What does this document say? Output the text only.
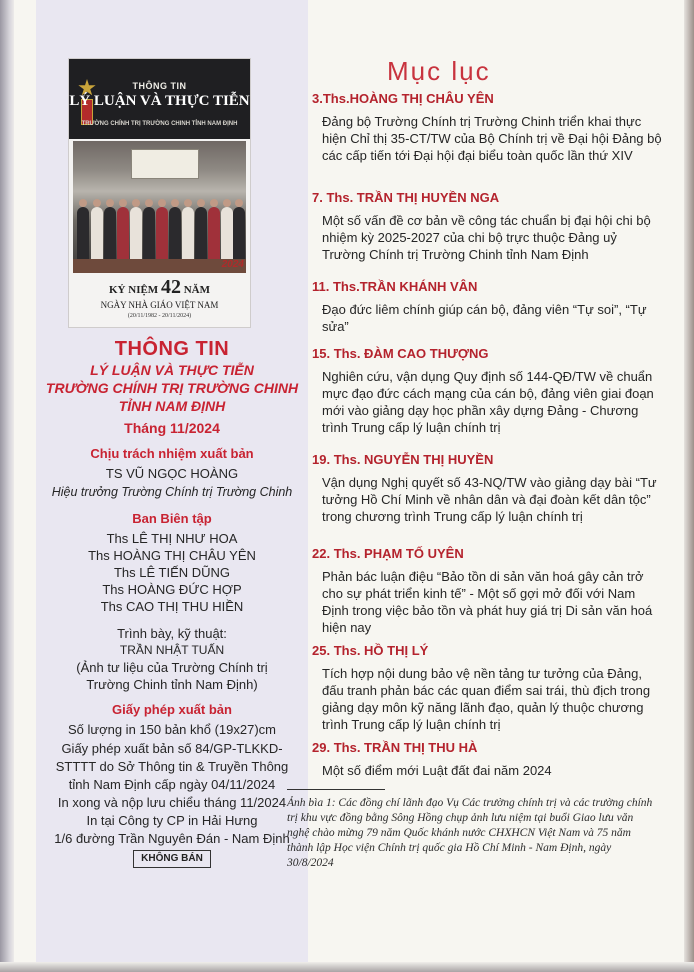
THÔNG TIN
LÝ LUẬN VÀ THỰC TIỄN
TRƯỜNG CHÍNH TRỊ TRƯỜNG CHINH TỈNH NAM ĐỊNH
2024
KỶ NIỆM 42 NĂM
NGÀY NHÀ GIÁO VIỆT NAM
(20/11/1982 - 20/11/2024)
THÔNG TIN
LÝ LUẬN VÀ THỰC TIỄN
TRƯỜNG CHÍNH TRỊ TRƯỜNG CHINH
TỈNH NAM ĐỊNH
Tháng 11/2024
Chịu trách nhiệm xuất bản
TS VŨ NGỌC HOÀNG
Hiệu trưởng Trường Chính trị Trường Chinh
Ban Biên tập
Ths LÊ THỊ NHƯ HOA
Ths HOÀNG THỊ CHÂU YÊN
Ths LÊ TIẾN DŨNG
Ths HOÀNG ĐỨC HỢP
Ths CAO THỊ THU HIỀN
Trình bày, kỹ thuật:
TRẦN NHẬT TUẤN
(Ảnh tư liệu của Trường Chính trị
Trường Chinh tỉnh Nam Định)
Giấy phép xuất bản
Số lượng in 150 bản khổ (19x27)cm
Giấy phép xuất bản số 84/GP-TLKKD-
STTTT do Sở Thông tin & Truyền Thông
tỉnh Nam Định cấp ngày 04/11/2024
In xong và nộp lưu chiểu tháng 11/2024
In tại Công ty CP in Hải Hưng
1/6 đường Trần Nguyên Đán - Nam Định
KHÔNG BÁN
Mục lục
3.Ths.HOÀNG THỊ CHÂU YÊN
Đảng bộ Trường Chính trị Trường Chinh triển khai thực hiện Chỉ thị 35-CT/TW của Bộ Chính trị về Đại hội Đảng bộ các cấp tiến tới Đại hội đại biểu toàn quốc lần thứ XIV
7. Ths. TRẦN THỊ HUYỀN NGA
Một số vấn đề cơ bản về công tác chuẩn bị đại hội chi bộ nhiệm kỳ 2025-2027 của chi bộ trực thuộc Đảng uỷ Trường Chính trị Trường Chinh tỉnh Nam Định
11. Ths.TRẦN KHÁNH VÂN
Đạo đức liêm chính giúp cán bộ, đảng viên “Tự soi”, “Tự sửa”
15. Ths. ĐÀM CAO THƯỢNG
Nghiên cứu, vận dụng Quy định số 144-QĐ/TW về chuẩn mực đạo đức cách mạng của cán bộ, đảng viên giai đoạn mới vào giảng dạy học phần xây dựng Đảng - Chương trình Trung cấp lý luận chính trị
19. Ths. NGUYỄN THỊ HUYỀN
Vận dụng Nghị quyết số 43-NQ/TW vào giảng dạy bài “Tư tưởng Hồ Chí Minh về nhân dân và đại đoàn kết dân tộc” trong chương trình Trung cấp lý luận chính trị
22. Ths. PHẠM TỐ UYÊN
Phản bác luận điệu “Bảo tồn di sản văn hoá gây cản trở cho sự phát triển kinh tế” - Một số gợi mở đối với Nam Định trong việc bảo tồn và phát huy giá trị Di sản văn hoá hiện nay
25. Ths. HỒ THỊ LÝ
Tích hợp nội dung bảo vệ nền tảng tư tưởng của Đảng, đấu tranh phản bác các quan điểm sai trái, thù địch trong giảng dạy môn kỹ năng lãnh đạo, quản lý thuộc chương trình Trung cấp lý luận chính trị
29. Ths. TRẦN THỊ THU HÀ
Một số điểm mới Luật đất đai năm 2024
Ảnh bìa 1: Các đồng chí lãnh đạo Vụ Các trường chính trị và các trường chính trị khu vực đồng bằng Sông Hồng chụp ảnh lưu niệm tại buổi Giao lưu văn nghệ chào mừng 79 năm Quốc khánh nước CHXHCN Việt Nam và 75 năm thành lập Học viện Chính trị quốc gia Hồ Chí Minh - Nam Định, ngày 30/8/2024
